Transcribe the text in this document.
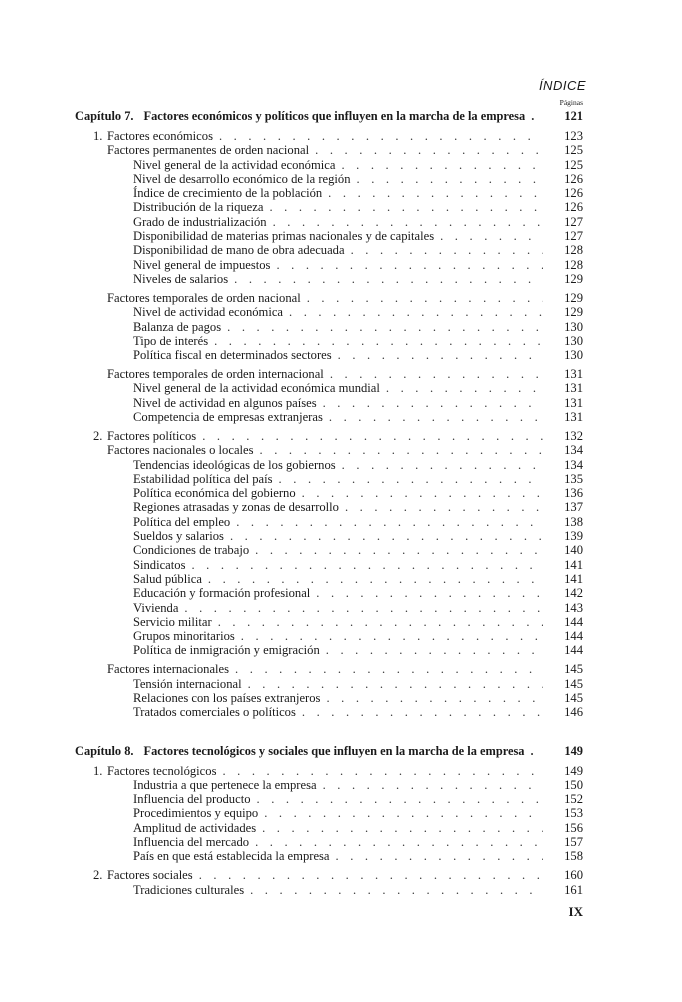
ÍNDICE
Páginas
Capítulo 7. Factores económicos y políticos que influyen en la marcha de la empresa . . .	121
1. Factores económicos . . .	123
Factores permanentes de orden nacional . . .	125
Nivel general de la actividad económica . . .	125
Nivel de desarrollo económico de la región . . .	126
Índice de crecimiento de la población . . .	126
Distribución de la riqueza . . .	126
Grado de industrialización . . .	127
Disponibilidad de materias primas nacionales y de capitales . . .	127
Disponibilidad de mano de obra adecuada . . .	128
Nivel general de impuestos . . .	128
Niveles de salarios . . .	129
Factores temporales de orden nacional . . .	129
Nivel de actividad económica . . .	129
Balanza de pagos . . .	130
Tipo de interés . . .	130
Política fiscal en determinados sectores . . .	130
Factores temporales de orden internacional . . .	131
Nivel general de la actividad económica mundial . . .	131
Nivel de actividad en algunos países . . .	131
Competencia de empresas extranjeras . . .	131
2. Factores políticos . . .	132
Factores nacionales o locales . . .	134
Tendencias ideológicas de los gobiernos . . .	134
Estabilidad política del país . . .	135
Política económica del gobierno . . .	136
Regiones atrasadas y zonas de desarrollo . . .	137
Política del empleo . . .	138
Sueldos y salarios . . .	139
Condiciones de trabajo . . .	140
Sindicatos . . .	141
Salud pública . . .	141
Educación y formación profesional . . .	142
Vivienda . . .	143
Servicio militar . . .	144
Grupos minoritarios . . .	144
Política de inmigración y emigración . . .	144
Factores internacionales . . .	145
Tensión internacional . . .	145
Relaciones con los países extranjeros . . .	145
Tratados comerciales o políticos . . .	146
Capítulo 8. Factores tecnológicos y sociales que influyen en la marcha de la empresa . . .	149
1. Factores tecnológicos . . .	149
Industria a que pertenece la empresa . . .	150
Influencia del producto . . .	152
Procedimientos y equipo . . .	153
Amplitud de actividades . . .	156
Influencia del mercado . . .	157
País en que está establecida la empresa . . .	158
2. Factores sociales . . .	160
Tradiciones culturales . . .	161
IX
